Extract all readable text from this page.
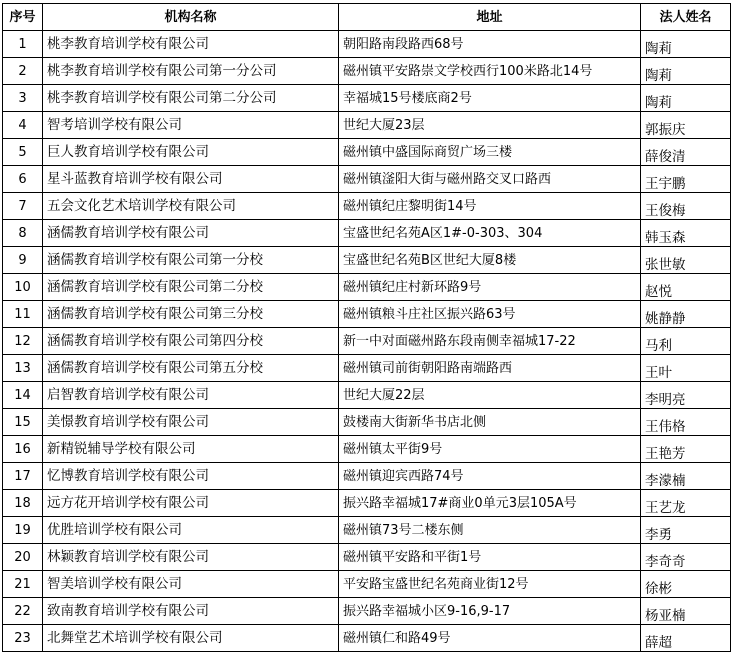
序号	机构名称	地址	法人姓名
1	桃李教育培训学校有限公司	朝阳路南段路西68号	陶莉
2	桃李教育培训学校有限公司第一分公司	磁州镇平安路崇文学校西行100米路北14号	陶莉
3	桃李教育培训学校有限公司第二分公司	幸福城15号楼底商2号	陶莉
4	智考培训学校有限公司	世纪大厦23层	郭振庆
5	巨人教育培训学校有限公司	磁州镇中盛国际商贸广场三楼	薛俊清
6	星斗蓝教育培训学校有限公司	磁州镇滏阳大街与磁州路交叉口路西	王宇鹏
7	五会文化艺术培训学校有限公司	磁州镇纪庄黎明街14号	王俊梅
8	涵儒教育培训学校有限公司	宝盛世纪名苑A区1#-0-303、304	韩玉森
9	涵儒教育培训学校有限公司第一分校	宝盛世纪名苑B区世纪大厦8楼	张世敏
10	涵儒教育培训学校有限公司第二分校	磁州镇纪庄村新环路9号	赵悦
11	涵儒教育培训学校有限公司第三分校	磁州镇粮斗庄社区振兴路63号	姚静静
12	涵儒教育培训学校有限公司第四分校	新一中对面磁州路东段南侧幸福城17-22	马利
13	涵儒教育培训学校有限公司第五分校	磁州镇司前街朝阳路南端路西	王叶
14	启智教育培训学校有限公司	世纪大厦22层	李明亮
15	美憬教育培训学校有限公司	鼓楼南大街新华书店北侧	王伟格
16	新精锐辅导学校有限公司	磁州镇太平街9号	王艳芳
17	忆博教育培训学校有限公司	磁州镇迎宾西路74号	李濛楠
18	远方花开培训学校有限公司	振兴路幸福城17#商业0单元3层105A号	王艺龙
19	优胜培训学校有限公司	磁州镇73号二楼东侧	李勇
20	林颖教育培训学校有限公司	磁州镇平安路和平街1号	李奇奇
21	智美培训学校有限公司	平安路宝盛世纪名苑商业街12号	徐彬
22	致南教育培训学校有限公司	振兴路幸福城小区9-16,9-17	杨亚楠
23	北舞堂艺术培训学校有限公司	磁州镇仁和路49号	薛超
